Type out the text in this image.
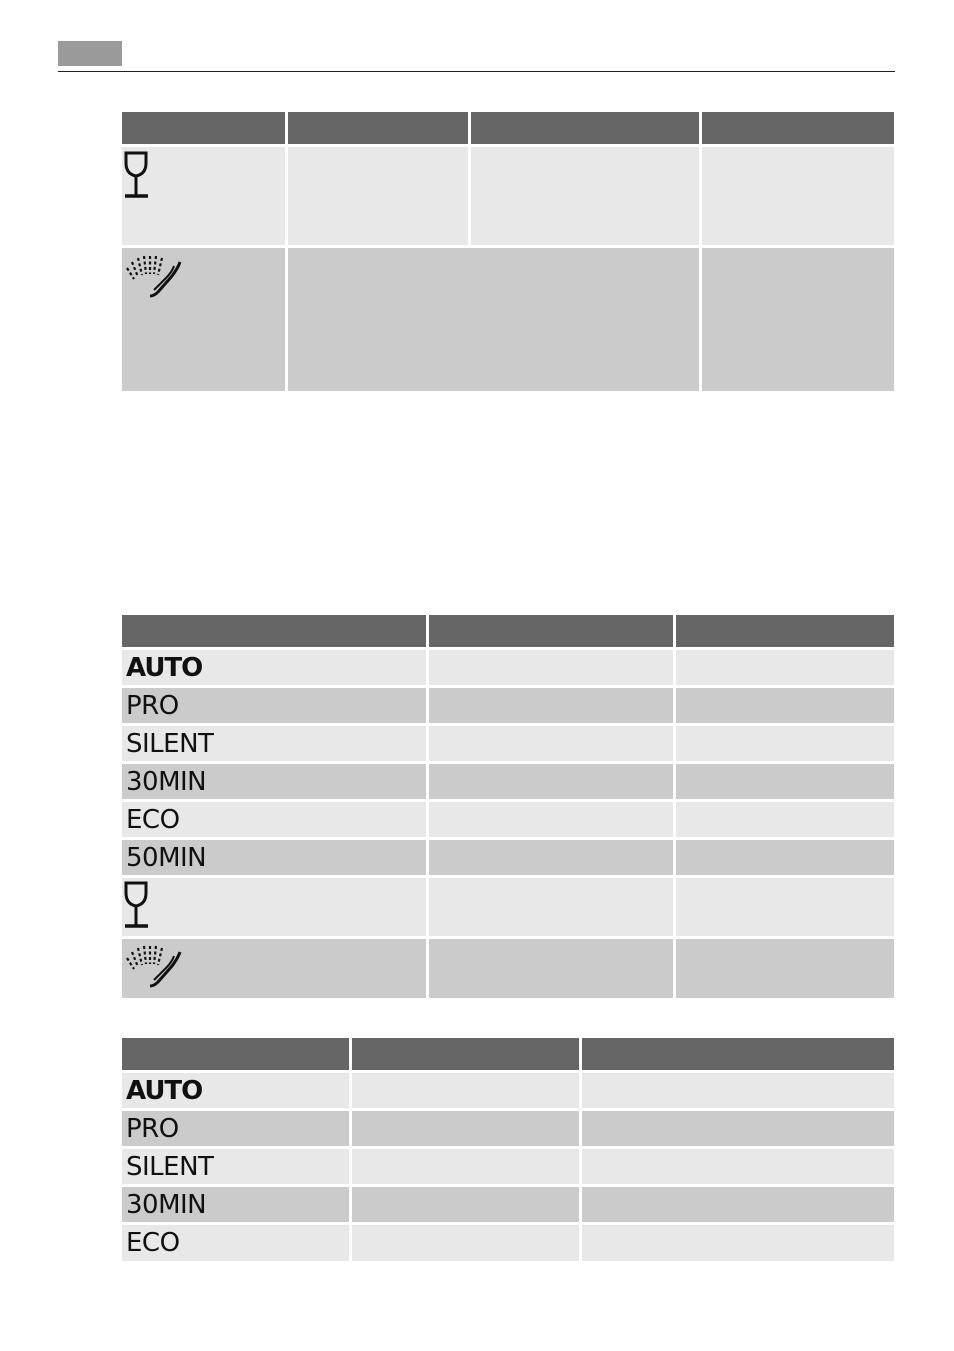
AUTO		

PRO		

SILENT		

30MIN		

ECO		

50MIN		

AUTO		

PRO		

SILENT		

30MIN		

ECO		
